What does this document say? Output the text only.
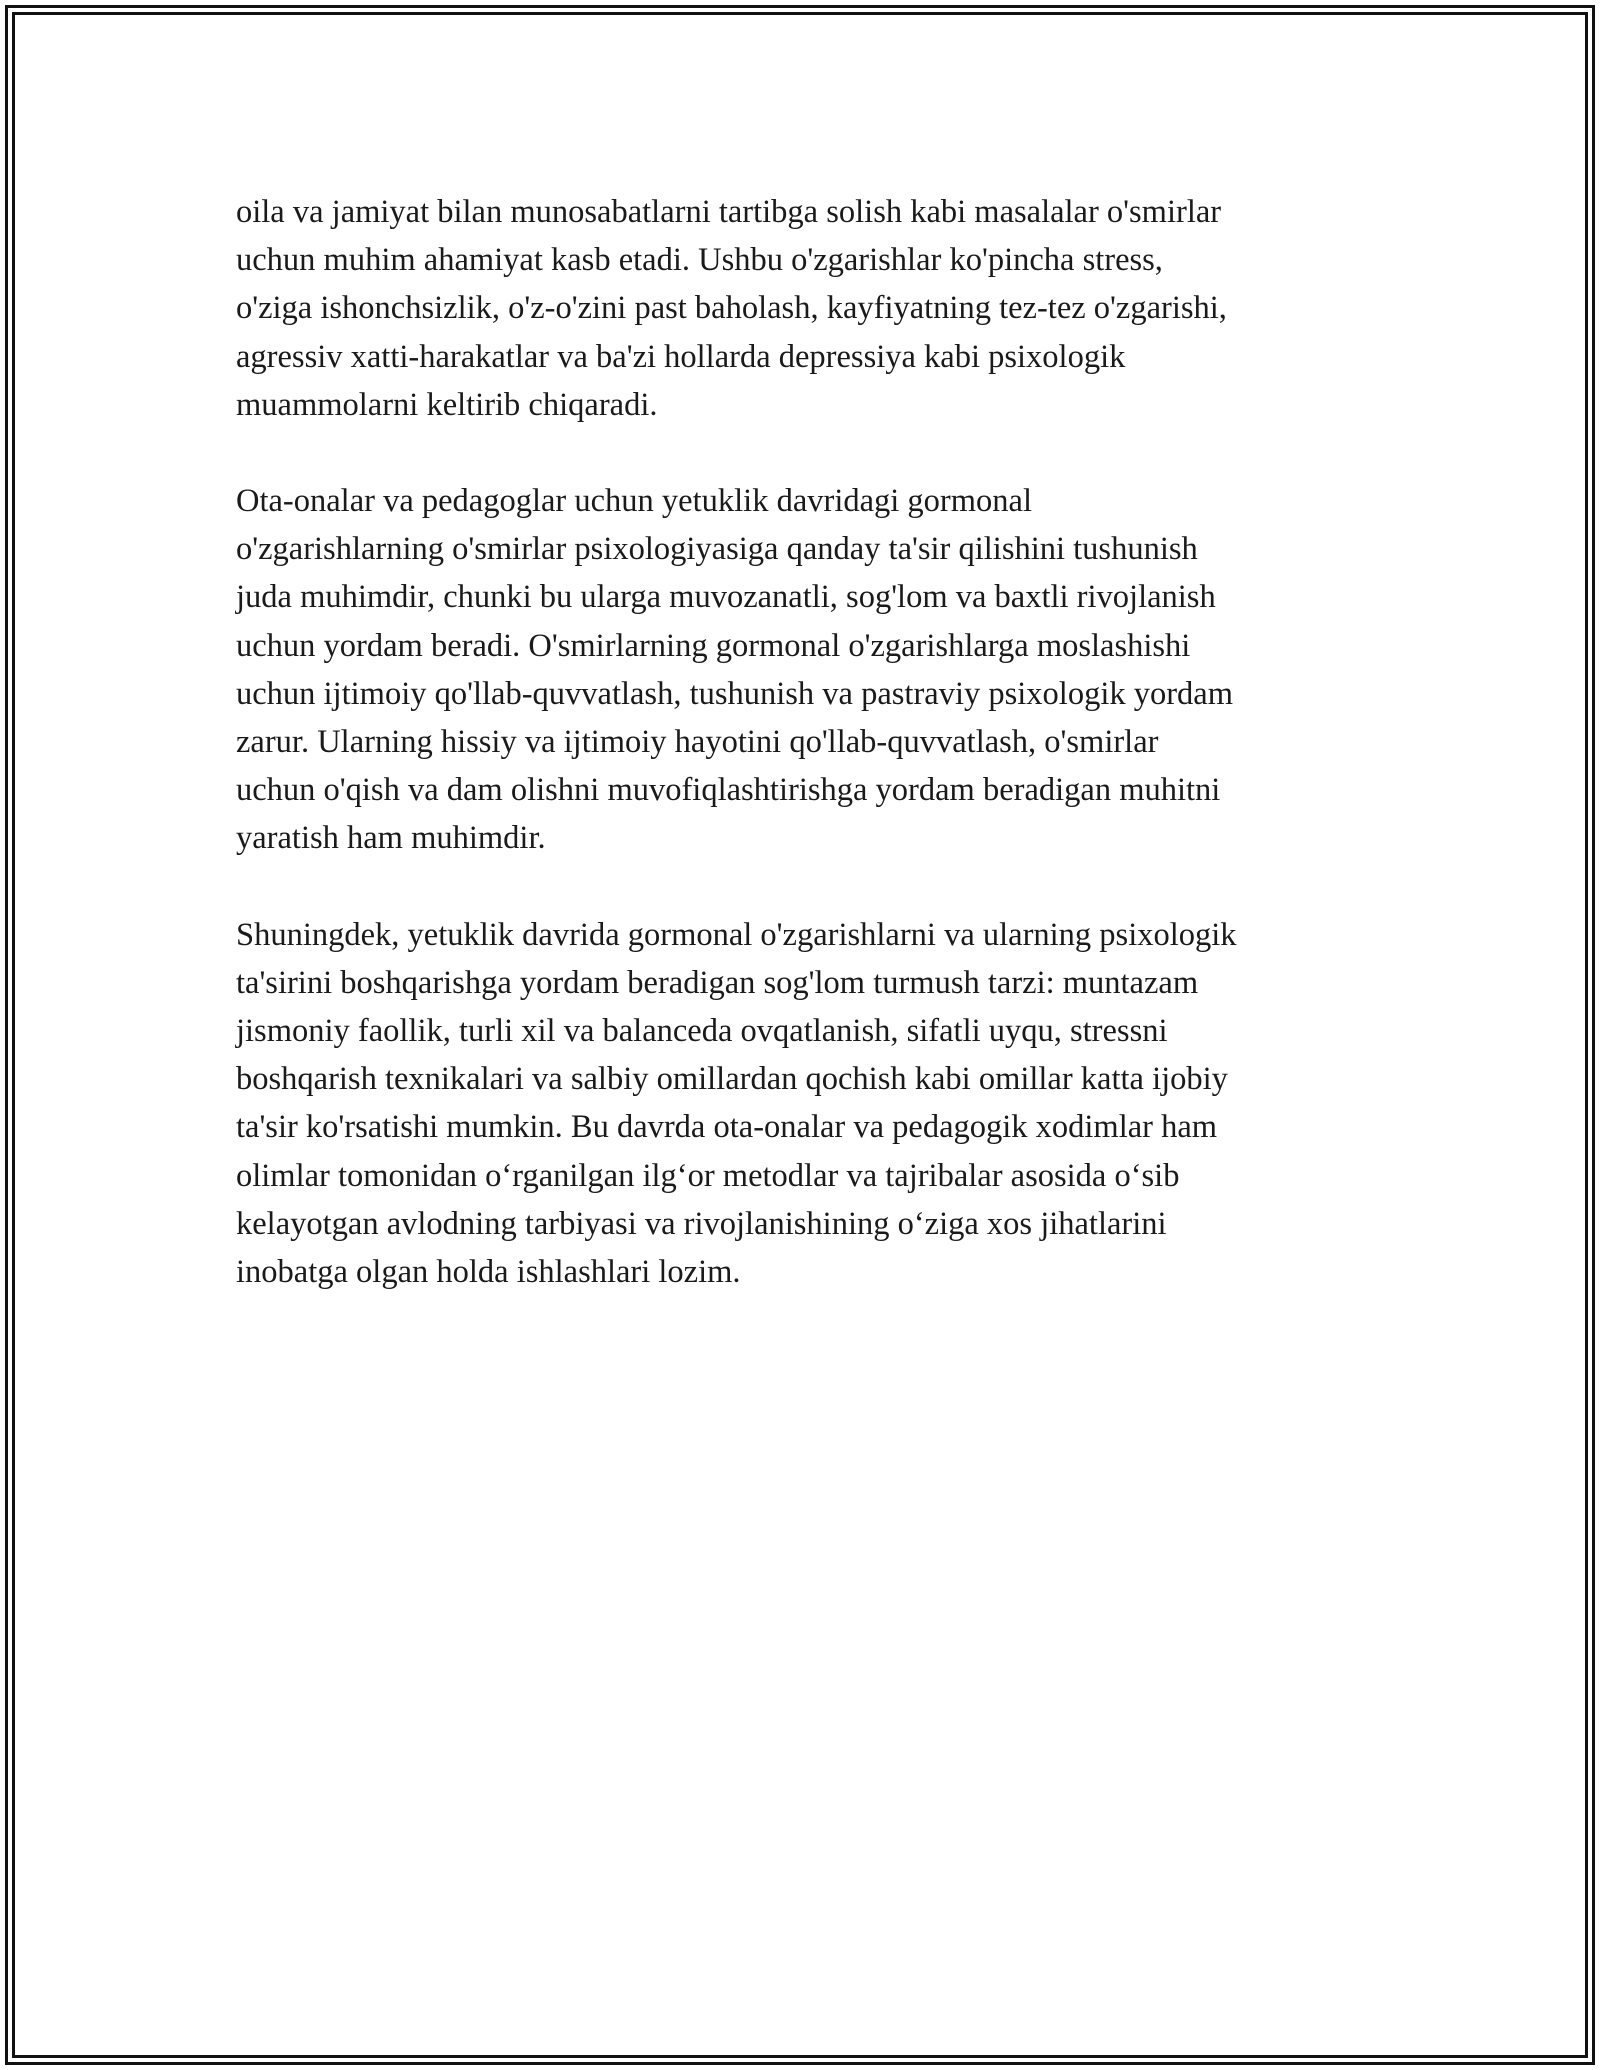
oila va jamiyat bilan munosabatlarni tartibga solish kabi masalalar o'smirlar
uchun muhim ahamiyat kasb etadi. Ushbu o'zgarishlar ko'pincha stress,
o'ziga ishonchsizlik, o'z-o'zini past baholash, kayfiyatning tez-tez o'zgarishi,
agressiv xatti-harakatlar va ba'zi hollarda depressiya kabi psixologik
muammolarni keltirib chiqaradi.

Ota-onalar va pedagoglar uchun yetuklik davridagi gormonal
o'zgarishlarning o'smirlar psixologiyasiga qanday ta'sir qilishini tushunish
juda muhimdir, chunki bu ularga muvozanatli, sog'lom va baxtli rivojlanish
uchun yordam beradi. O'smirlarning gormonal o'zgarishlarga moslashishi
uchun ijtimoiy qo'llab-quvvatlash, tushunish va pastraviy psixologik yordam
zarur. Ularning hissiy va ijtimoiy hayotini qo'llab-quvvatlash, o'smirlar
uchun o'qish va dam olishni muvofiqlashtirishga yordam beradigan muhitni
yaratish ham muhimdir.

Shuningdek, yetuklik davrida gormonal o'zgarishlarni va ularning psixologik
ta'sirini boshqarishga yordam beradigan sog'lom turmush tarzi: muntazam
jismoniy faollik, turli xil va balanceda ovqatlanish, sifatli uyqu, stressni
boshqarish texnikalari va salbiy omillardan qochish kabi omillar katta ijobiy
ta'sir ko'rsatishi mumkin. Bu davrda ota-onalar va pedagogik xodimlar ham
olimlar tomonidan o‘rganilgan ilg‘or metodlar va tajribalar asosida o‘sib
kelayotgan avlodning tarbiyasi va rivojlanishining o‘ziga xos jihatlarini
inobatga olgan holda ishlashlari lozim.
